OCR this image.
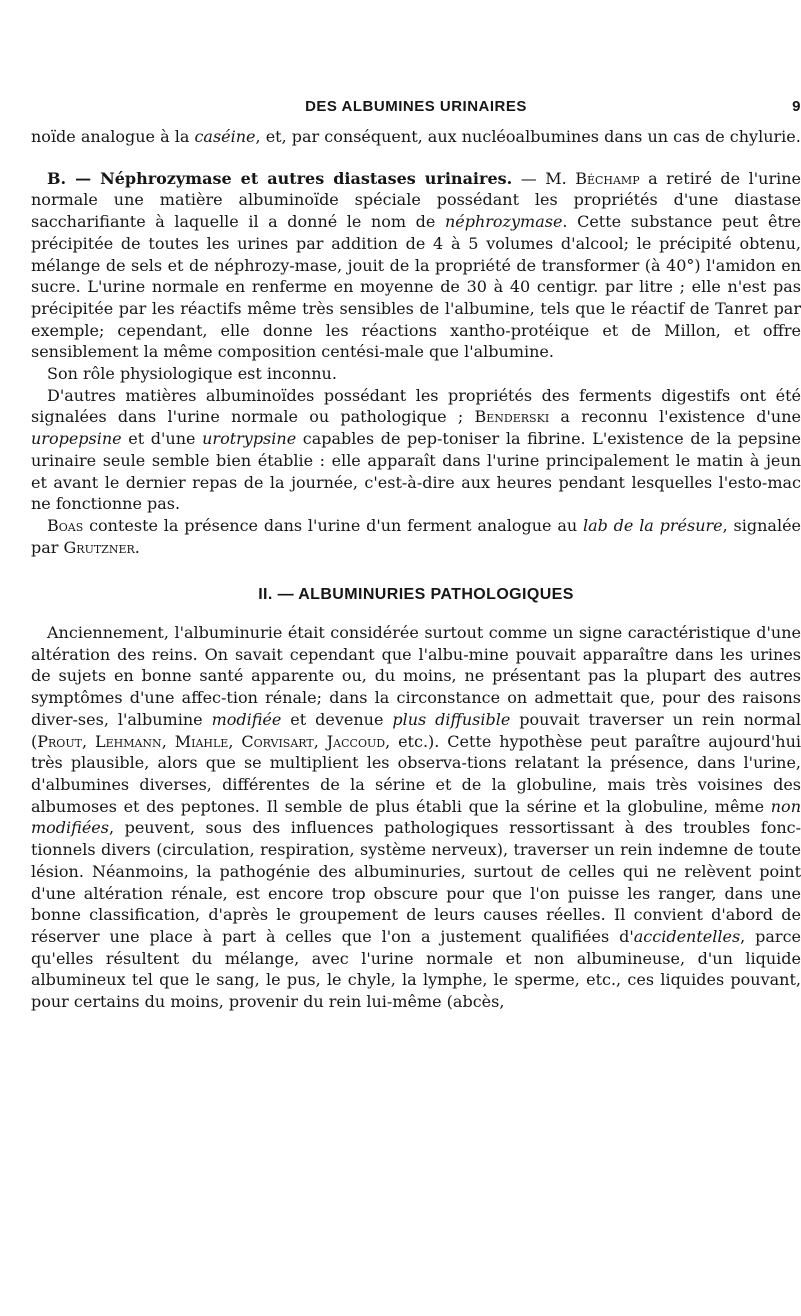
DES ALBUMINES URINAIRES	9

noïde analogue à la caséine, et, par conséquent, aux nucléoalbumines dans un cas de chylurie.

B. — Néphrozymase et autres diastases urinaires. — M. Béchamp a retiré de l'urine normale une matière albuminoïde spéciale possédant les propriétés d'une diastase saccharifiante à laquelle il a donné le nom de néphrozymase. Cette substance peut être précipitée de toutes les urines par addition de 4 à 5 volumes d'alcool; le précipité obtenu, mélange de sels et de néphrozy-mase, jouit de la propriété de transformer (à 40°) l'amidon en sucre. L'urine normale en renferme en moyenne de 30 à 40 centigr. par litre ; elle n'est pas précipitée par les réactifs même très sensibles de l'albumine, tels que le réactif de Tanret par exemple; cependant, elle donne les réactions xantho-protéique et de Millon, et offre sensiblement la même composition centési-male que l'albumine.

Son rôle physiologique est inconnu.

D'autres matières albuminoïdes possédant les propriétés des ferments digestifs ont été signalées dans l'urine normale ou pathologique ; Benderski a reconnu l'existence d'une uropepsine et d'une urotrypsine capables de pep-toniser la fibrine. L'existence de la pepsine urinaire seule semble bien établie : elle apparaît dans l'urine principalement le matin à jeun et avant le dernier repas de la journée, c'est-à-dire aux heures pendant lesquelles l'esto-mac ne fonctionne pas.

Boas conteste la présence dans l'urine d'un ferment analogue au lab de la présure, signalée par Grutzner.

II. — ALBUMINURIES PATHOLOGIQUES

Anciennement, l'albuminurie était considérée surtout comme un signe caractéristique d'une altération des reins. On savait cependant que l'albu-mine pouvait apparaître dans les urines de sujets en bonne santé apparente ou, du moins, ne présentant pas la plupart des autres symptômes d'une affec-tion rénale; dans la circonstance on admettait que, pour des raisons diver-ses, l'albumine modifiée et devenue plus diffusible pouvait traverser un rein normal (Prout, Lehmann, Miahle, Corvisart, Jaccoud, etc.). Cette hypothèse peut paraître aujourd'hui très plausible, alors que se multiplient les observa-tions relatant la présence, dans l'urine, d'albumines diverses, différentes de la sérine et de la globuline, mais très voisines des albumoses et des peptones. Il semble de plus établi que la sérine et la globuline, même non modifiées, peuvent, sous des influences pathologiques ressortissant à des troubles fonc-tionnels divers (circulation, respiration, système nerveux), traverser un rein indemne de toute lésion. Néanmoins, la pathogénie des albuminuries, surtout de celles qui ne relèvent point d'une altération rénale, est encore trop obscure pour que l'on puisse les ranger, dans une bonne classification, d'après le groupement de leurs causes réelles. Il convient d'abord de réserver une place à part à celles que l'on a justement qualifiées d'accidentelles, parce qu'elles résultent du mélange, avec l'urine normale et non albumineuse, d'un liquide albumineux tel que le sang, le pus, le chyle, la lymphe, le sperme, etc., ces liquides pouvant, pour certains du moins, provenir du rein lui-même (abcès,
